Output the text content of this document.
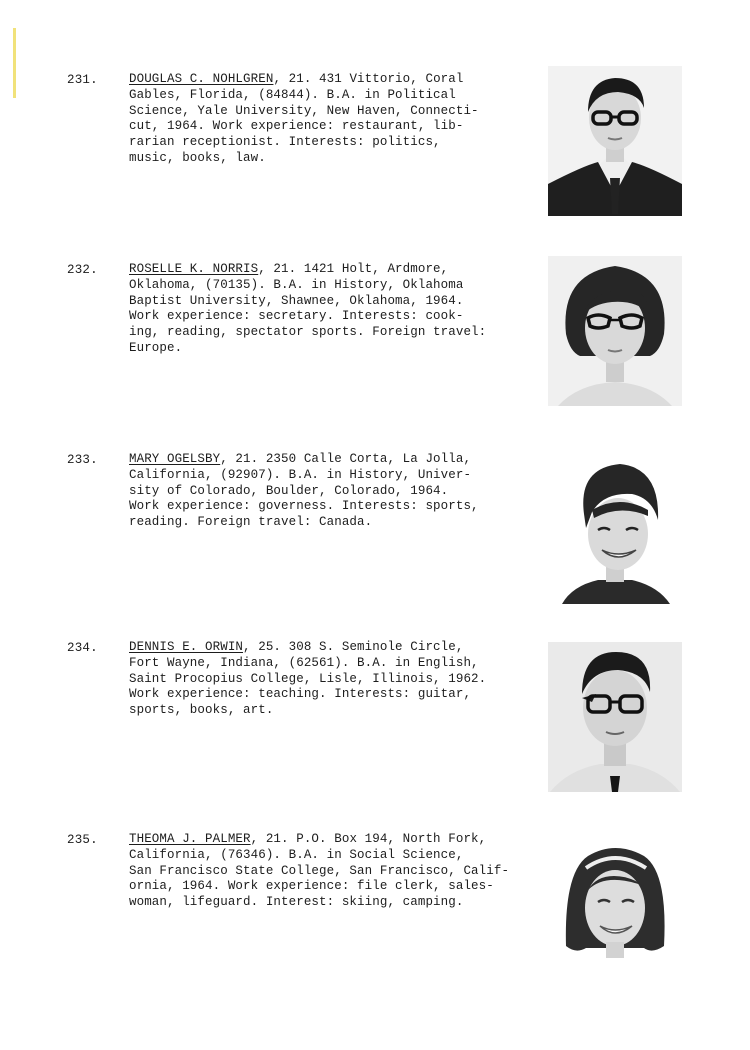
231. DOUGLAS C. NOHLGREN, 21. 431 Vittorio, Coral
Gables, Florida, (84844). B.A. in Political
Science, Yale University, New Haven, Connecti-
cut, 1964. Work experience: restaurant, lib-
rarian receptionist. Interests: politics,
music, books, law.
232. ROSELLE K. NORRIS, 21. 1421 Holt, Ardmore,
Oklahoma, (70135). B.A. in History, Oklahoma
Baptist University, Shawnee, Oklahoma, 1964.
Work experience: secretary. Interests: cook-
ing, reading, spectator sports. Foreign travel:
Europe.
233. MARY OGELSBY, 21. 2350 Calle Corta, La Jolla,
California, (92907). B.A. in History, Univer-
sity of Colorado, Boulder, Colorado, 1964.
Work experience: governess. Interests: sports,
reading. Foreign travel: Canada.
234. DENNIS E. ORWIN, 25. 308 S. Seminole Circle,
Fort Wayne, Indiana, (62561). B.A. in English,
Saint Procopius College, Lisle, Illinois, 1962.
Work experience: teaching. Interests: guitar,
sports, books, art.
235. THEOMA J. PALMER, 21. P.O. Box 194, North Fork,
California, (76346). B.A. in Social Science,
San Francisco State College, San Francisco, Calif-
ornia, 1964. Work experience: file clerk, sales-
woman, lifeguard. Interest: skiing, camping.
